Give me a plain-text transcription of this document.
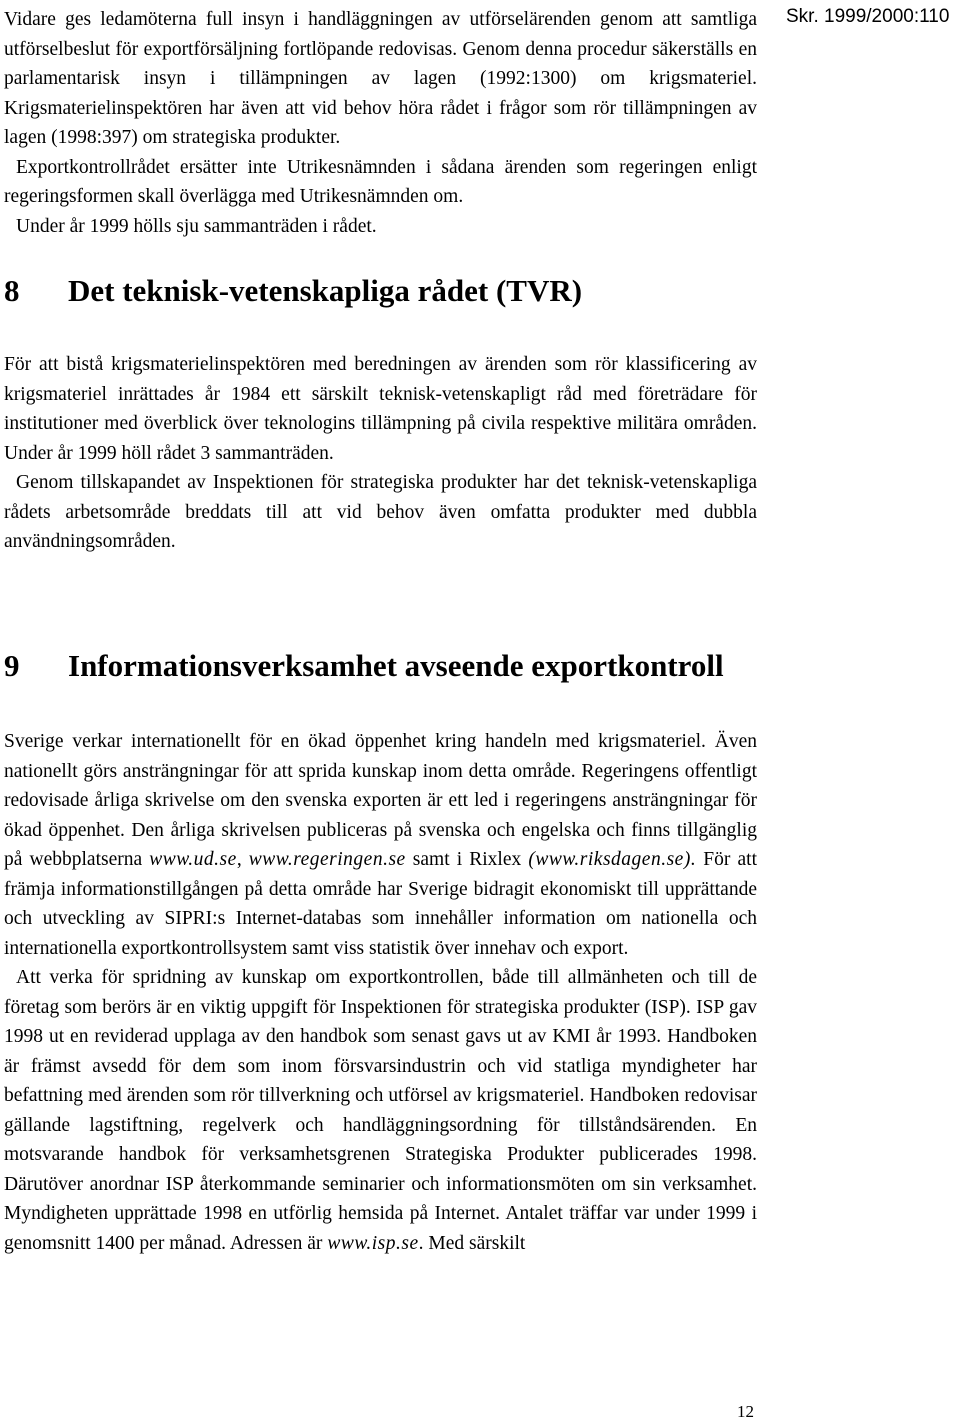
Skr. 1999/2000:110

Vidare ges ledamöterna full insyn i handläggningen av utförselärenden genom att samtliga utförselbeslut för exportförsäljning fortlöpande redovisas. Genom denna procedur säkerställs en parlamentarisk insyn i tillämpningen av lagen (1992:1300) om krigsmateriel. Krigsmaterielinspektören har även att vid behov höra rådet i frågor som rör tillämpningen av lagen (1998:397) om strategiska produkter.

Exportkontrollrådet ersätter inte Utrikesnämnden i sådana ärenden som regeringen enligt regeringsformen skall överlägga med Utrikesnämnden om.

Under år 1999 hölls sju sammanträden i rådet.

8 Det teknisk-vetenskapliga rådet (TVR)

För att bistå krigsmaterielinspektören med beredningen av ärenden som rör klassificering av krigsmateriel inrättades år 1984 ett särskilt teknisk-vetenskapligt råd med företrädare för institutioner med överblick över teknologins tillämpning på civila respektive militära områden. Under år 1999 höll rådet 3 sammanträden.

Genom tillskapandet av Inspektionen för strategiska produkter har det teknisk-vetenskapliga rådets arbetsområde breddats till att vid behov även omfatta produkter med dubbla användningsområden.

9 Informationsverksamhet avseende exportkontroll

Sverige verkar internationellt för en ökad öppenhet kring handeln med krigsmateriel. Även nationellt görs ansträngningar för att sprida kunskap inom detta område. Regeringens offentligt redovisade årliga skrivelse om den svenska exporten är ett led i regeringens ansträngningar för ökad öppenhet. Den årliga skrivelsen publiceras på svenska och engelska och finns tillgänglig på webbplatserna www.ud.se, www.regeringen.se samt i Rixlex (www.riksdagen.se). För att främja informationstillgången på detta område har Sverige bidragit ekonomiskt till upprättande och utveckling av SIPRI:s Internet-databas som innehåller information om nationella och internationella exportkontrollsystem samt viss statistik över innehav och export.

Att verka för spridning av kunskap om exportkontrollen, både till allmänheten och till de företag som berörs är en viktig uppgift för Inspektionen för strategiska produkter (ISP). ISP gav 1998 ut en reviderad upplaga av den handbok som senast gavs ut av KMI år 1993. Handboken är främst avsedd för dem som inom försvarsindustrin och vid statliga myndigheter har befattning med ärenden som rör tillverkning och utförsel av krigsmateriel. Handboken redovisar gällande lagstiftning, regelverk och handläggningsordning för tillståndsärenden. En motsvarande handbok för verksamhetsgrenen Strategiska Produkter publicerades 1998. Därutöver anordnar ISP återkommande seminarier och informationsmöten om sin verksamhet. Myndigheten upprättade 1998 en utförlig hemsida på Internet. Antalet träffar var under 1999 i genomsnitt 1400 per månad. Adressen är www.isp.se. Med särskilt

12
